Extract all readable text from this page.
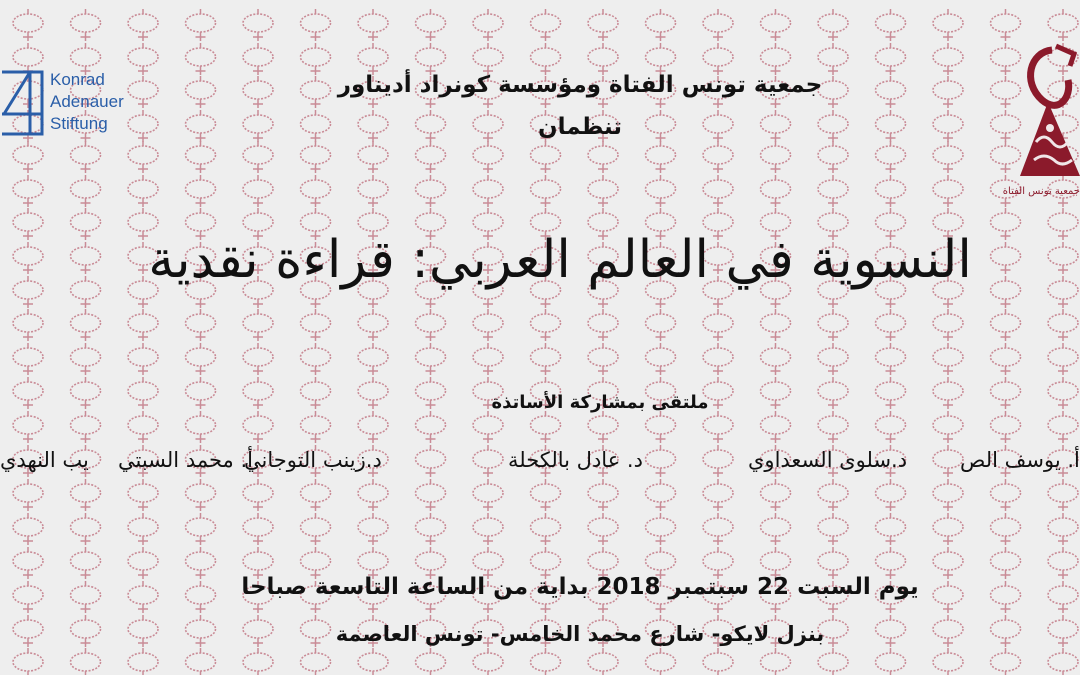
Konrad
Adenauer
Stiftung
جمعية تونس الفتاة
جمعية تونس الفتاة ومؤسسة كونراد أديناور
تنظمان
النسوية في العالم العربي: قراءة نقدية
ملتقى بمشاركة الأساتذة
أ. يوسف الص
د.سلوى السعداوي
د. عادل بالكحلة
د.زينب التوجاني
أ. محمد السبتي
يب النهدي
يوم السبت 22 سبتمبر 2018 بداية من الساعة التاسعة صباحا
بنزل لايكو- شارع محمد الخامس- تونس العاصمة
